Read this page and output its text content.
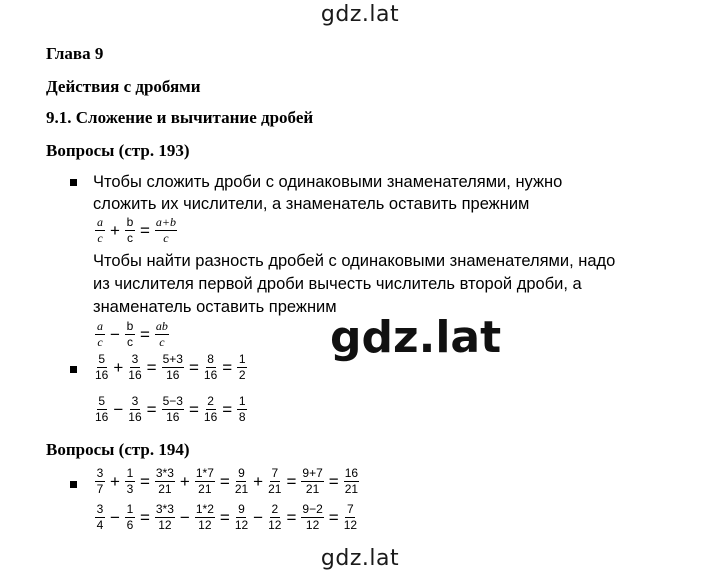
gdz.lat
Глава 9
Действия с дробями
9.1. Сложение и вычитание дробей
Вопросы (стр. 193)
Чтобы сложить дроби с одинаковыми знаменателями, нужно
сложить их числители, а знаменатель оставить прежним
$\frac{a}{c} + \frac{b}{c} = \frac{a+b}{c}$
Чтобы найти разность дробей с одинаковыми знаменателями, надо
из числителя первой дроби вычесть числитель второй дроби, а
знаменатель оставить прежним
$\frac{a}{c} - \frac{b}{c} = \frac{ab}{c}$
$\frac{5}{16} + \frac{3}{16} = \frac{5+3}{16} = \frac{8}{16} = \frac{1}{2}$
$\frac{5}{16} - \frac{3}{16} = \frac{5-3}{16} = \frac{2}{16} = \frac{1}{8}$
Вопросы (стр. 194)
$\frac{3}{7} + \frac{1}{3} = \frac{3*3}{21} + \frac{1*7}{21} = \frac{9}{21} + \frac{7}{21} = \frac{9+7}{21} = \frac{16}{21}$
$\frac{3}{4} - \frac{1}{6} = \frac{3*3}{12} - \frac{1*2}{12} = \frac{9}{12} - \frac{2}{12} = \frac{9-2}{12} = \frac{7}{12}$
gdz.lat
gdz.lat
